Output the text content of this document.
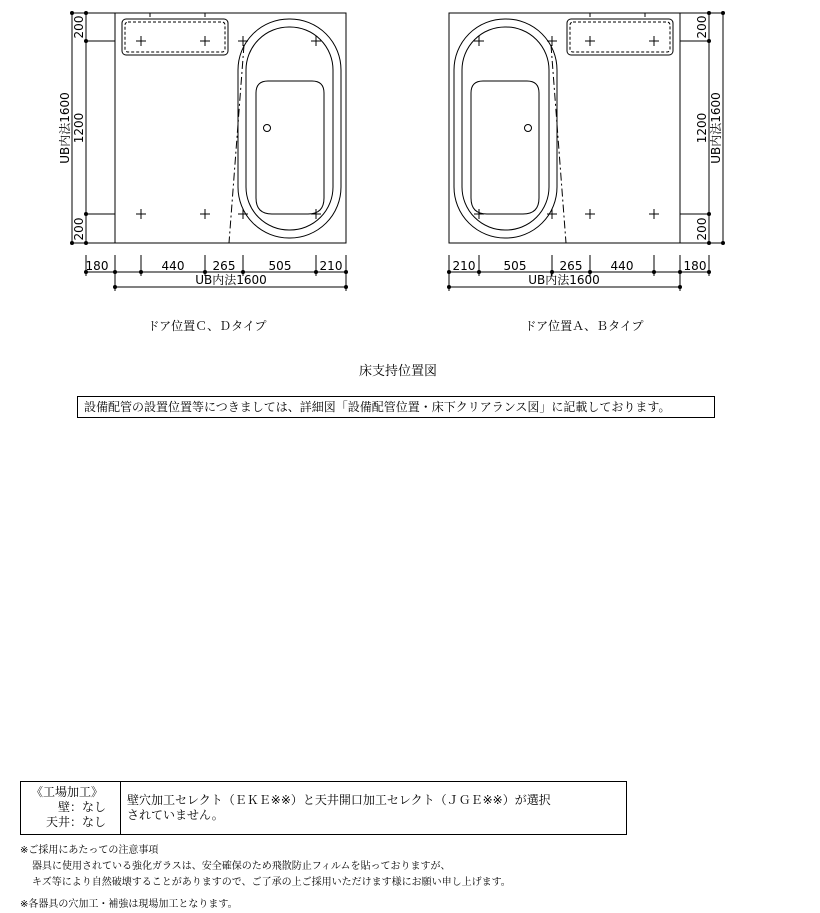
180	440 265	505 210
UB内法1600
200
1200
200
UB内法1600
ドア位置Ｃ、Ｄタイプ
210 505	265 440	180
UB内法1600
200
1200
200
UB内法1600
ドア位置Ａ、Ｂタイプ
床支持位置図
設備配管の設置位置等につきましては、詳細図「設備配管位置・床下クリアランス図」に記載しております。
《工場加工》
壁：なし
天井：なし
壁穴加工セレクト（ＥＫＥ※※）と天井開口加工セレクト（ＪＧＥ※※）が選択
されていません。
※ご採用にあたっての注意事項
器具に使用されている強化ガラスは、安全確保のため飛散防止フィルムを貼っておりますが、
キズ等により自然破壊することがありますので、ご了承の上ご採用いただけます様にお願い申し上げます。
※各器具の穴加工・補強は現場加工となります。
